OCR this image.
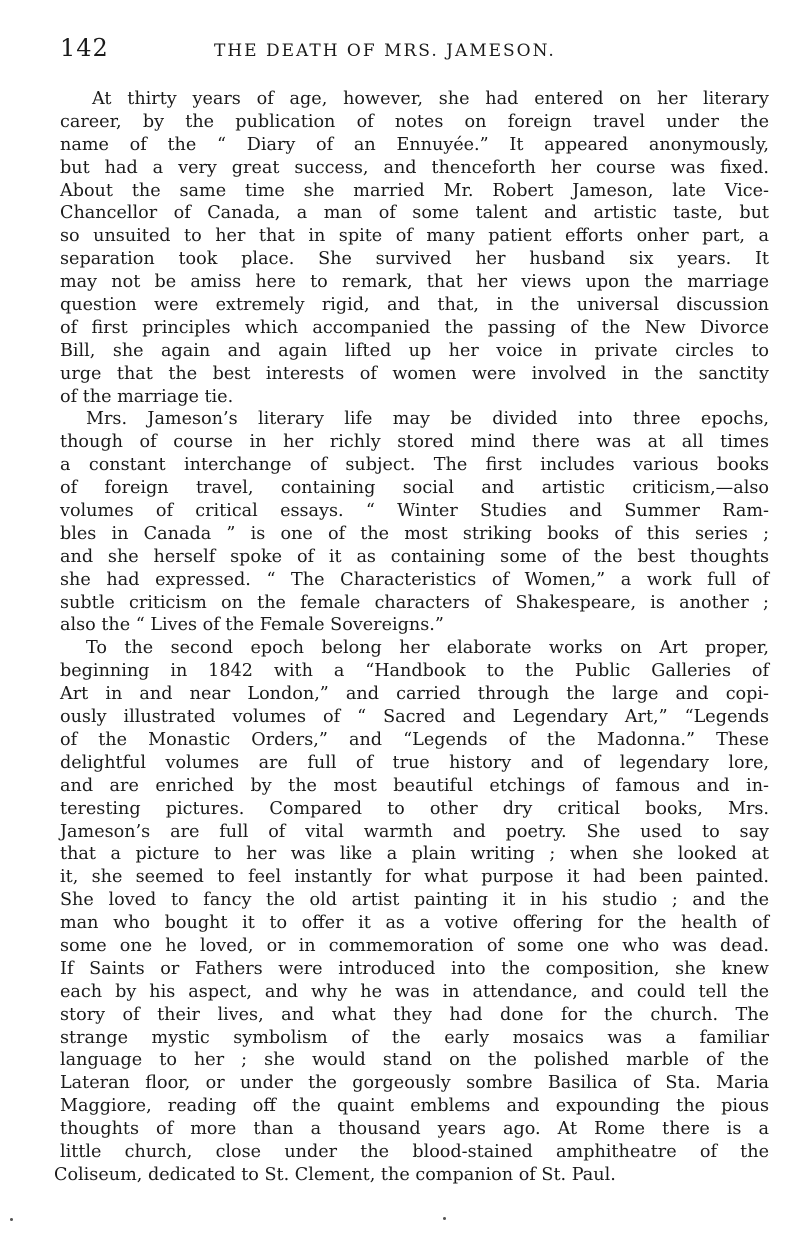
142	THE DEATH OF MRS. JAMESON.
At thirty years of age, however, she had entered on her literary
career, by the publication of notes on foreign travel under the
name of the “ Diary of an Ennuyée.” It appeared anonymously,
but had a very great success, and thenceforth her course was fixed.
About the same time she married Mr. Robert Jameson, late Vice-
Chancellor of Canada, a man of some talent and artistic taste, but
so unsuited to her that in spite of many patient efforts onher part, a
separation took place. She survived her husband six years. It
may not be amiss here to remark, that her views upon the marriage
question were extremely rigid, and that, in the universal discussion
of first principles which accompanied the passing of the New Divorce
Bill, she again and again lifted up her voice in private circles to
urge that the best interests of women were involved in the sanctity
of the marriage tie.
Mrs. Jameson’s literary life may be divided into three epochs,
though of course in her richly stored mind there was at all times
a constant interchange of subject. The first includes various books
of foreign travel, containing social and artistic criticism,—also
volumes of critical essays. “ Winter Studies and Summer Ram-
bles in Canada ” is one of the most striking books of this series ;
and she herself spoke of it as containing some of the best thoughts
she had expressed. “ The Characteristics of Women,” a work full of
subtle criticism on the female characters of Shakespeare, is another ;
also the “ Lives of the Female Sovereigns.”
To the second epoch belong her elaborate works on Art proper,
beginning in 1842 with a “Handbook to the Public Galleries of
Art in and near London,” and carried through the large and copi-
ously illustrated volumes of “ Sacred and Legendary Art,” “Legends
of the Monastic Orders,” and “Legends of the Madonna.” These
delightful volumes are full of true history and of legendary lore,
and are enriched by the most beautiful etchings of famous and in-
teresting pictures. Compared to other dry critical books, Mrs.
Jameson’s are full of vital warmth and poetry. She used to say
that a picture to her was like a plain writing ; when she looked at
it, she seemed to feel instantly for what purpose it had been painted.
She loved to fancy the old artist painting it in his studio ; and the
man who bought it to offer it as a votive offering for the health of
some one he loved, or in commemoration of some one who was dead.
If Saints or Fathers were introduced into the composition, she knew
each by his aspect, and why he was in attendance, and could tell the
story of their lives, and what they had done for the church. The
strange mystic symbolism of the early mosaics was a familiar
language to her ; she would stand on the polished marble of the
Lateran floor, or under the gorgeously sombre Basilica of Sta. Maria
Maggiore, reading off the quaint emblems and expounding the pious
thoughts of more than a thousand years ago. At Rome there is a
little church, close under the blood-stained amphitheatre of the
Coliseum, dedicated to St. Clement, the companion of St. Paul.
